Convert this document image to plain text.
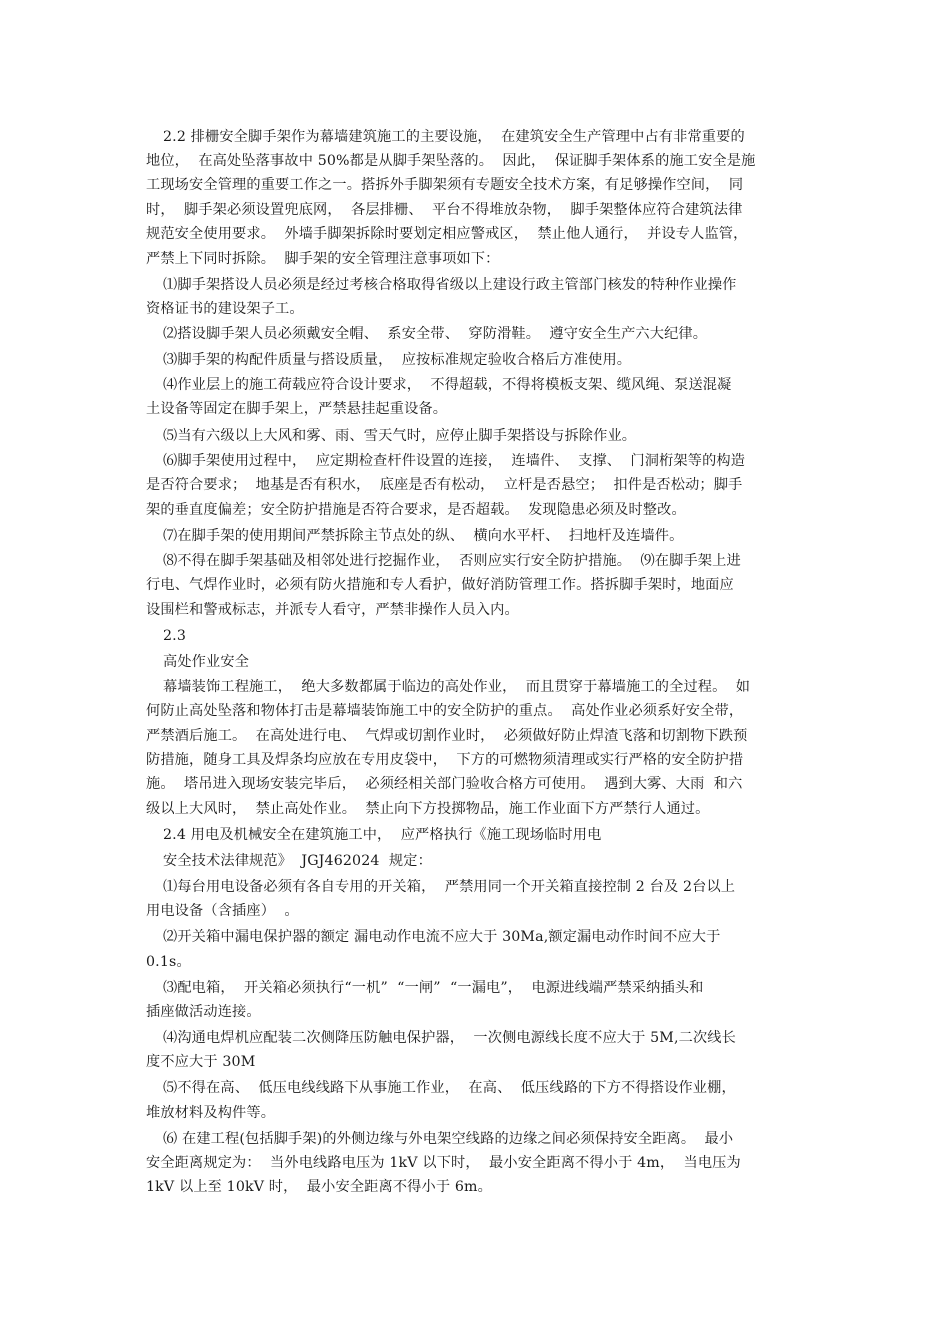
2.2 排栅安全脚手架作为幕墙建筑施工的主要设施，  在建筑安全生产管理中占有非常重要的
地位，  在高处坠落事故中 50%都是从脚手架坠落的。  因此，  保证脚手架体系的施工安全是施
工现场安全管理的重要工作之一。搭拆外手脚架须有专题安全技术方案，有足够操作空间，  同
时，  脚手架必须设置兜底网，  各层排栅、  平台不得堆放杂物，  脚手架整体应符合建筑法律
规范安全使用要求。  外墙手脚架拆除时要划定相应警戒区，  禁止他人通行，  并设专人监管，
严禁上下同时拆除。  脚手架的安全管理注意事项如下：
⑴脚手架搭设人员必须是经过考核合格取得省级以上建设行政主管部门核发的特种作业操作
资格证书的建设架子工。
⑵搭设脚手架人员必须戴安全帽、  系安全带、  穿防滑鞋。  遵守安全生产六大纪律。
⑶脚手架的构配件质量与搭设质量，  应按标准规定验收合格后方准使用。
⑷作业层上的施工荷载应符合设计要求，  不得超载，不得将模板支架、缆风绳、泵送混凝
土设备等固定在脚手架上，严禁悬挂起重设备。
⑸当有六级以上大风和雾、雨、雪天气时，应停止脚手架搭设与拆除作业。
⑹脚手架使用过程中，  应定期检查杆件设置的连接，  连墙件、  支撑、  门洞桁架等的构造
是否符合要求；  地基是否有积水，  底座是否有松动，  立杆是否悬空；  扣件是否松动；脚手
架的垂直度偏差；安全防护措施是否符合要求，是否超载。  发现隐患必须及时整改。
⑺在脚手架的使用期间严禁拆除主节点处的纵、  横向水平杆、  扫地杆及连墙件。
⑻不得在脚手架基础及相邻处进行挖掘作业，  否则应实行安全防护措施。  ⑼在脚手架上进
行电、气焊作业时，必须有防火措施和专人看护，做好消防管理工作。搭拆脚手架时，地面应
设围栏和警戒标志，并派专人看守，严禁非操作人员入内。
2.3
高处作业安全
幕墙装饰工程施工，  绝大多数都属于临边的高处作业，  而且贯穿于幕墙施工的全过程。  如
何防止高处坠落和物体打击是幕墙装饰施工中的安全防护的重点。  高处作业必须系好安全带，
严禁酒后施工。  在高处进行电、  气焊或切割作业时，  必须做好防止焊渣飞落和切割物下跌预
防措施，随身工具及焊条均应放在专用皮袋中，  下方的可燃物须清理或实行严格的安全防护措
施。  塔吊进入现场安装完毕后，  必须经相关部门验收合格方可使用。  遇到大雾、大雨  和六
级以上大风时，  禁止高处作业。  禁止向下方投掷物品，施工作业面下方严禁行人通过。
2.4 用电及机械安全在建筑施工中，  应严格执行《施工现场临时用电
安全技术法律规范》  JGJ462024  规定：
⑴每台用电设备必须有各自专用的开关箱，  严禁用同一个开关箱直接控制 2 台及 2台以上
用电设备（含插座）  。
⑵开关箱中漏电保护器的额定 漏电动作电流不应大于 30Ma,额定漏电动作时间不应大于
0.1s。
⑶配电箱，  开关箱必须执行“一机”  “一闸”  “一漏电”，  电源进线端严禁采纳插头和
插座做活动连接。
⑷沟通电焊机应配装二次侧降压防触电保护器，  一次侧电源线长度不应大于 5M,二次线长
度不应大于 30M
⑸不得在高、  低压电线线路下从事施工作业，  在高、  低压线路的下方不得搭设作业棚，
堆放材料及构件等。
⑹ 在建工程(包括脚手架)的外侧边缘与外电架空线路的边缘之间必须保持安全距离。  最小
安全距离规定为：  当外电线路电压为 1kV 以下时，  最小安全距离不得小于 4m，  当电压为
1kV 以上至 10kV 时，  最小安全距离不得小于 6m。
